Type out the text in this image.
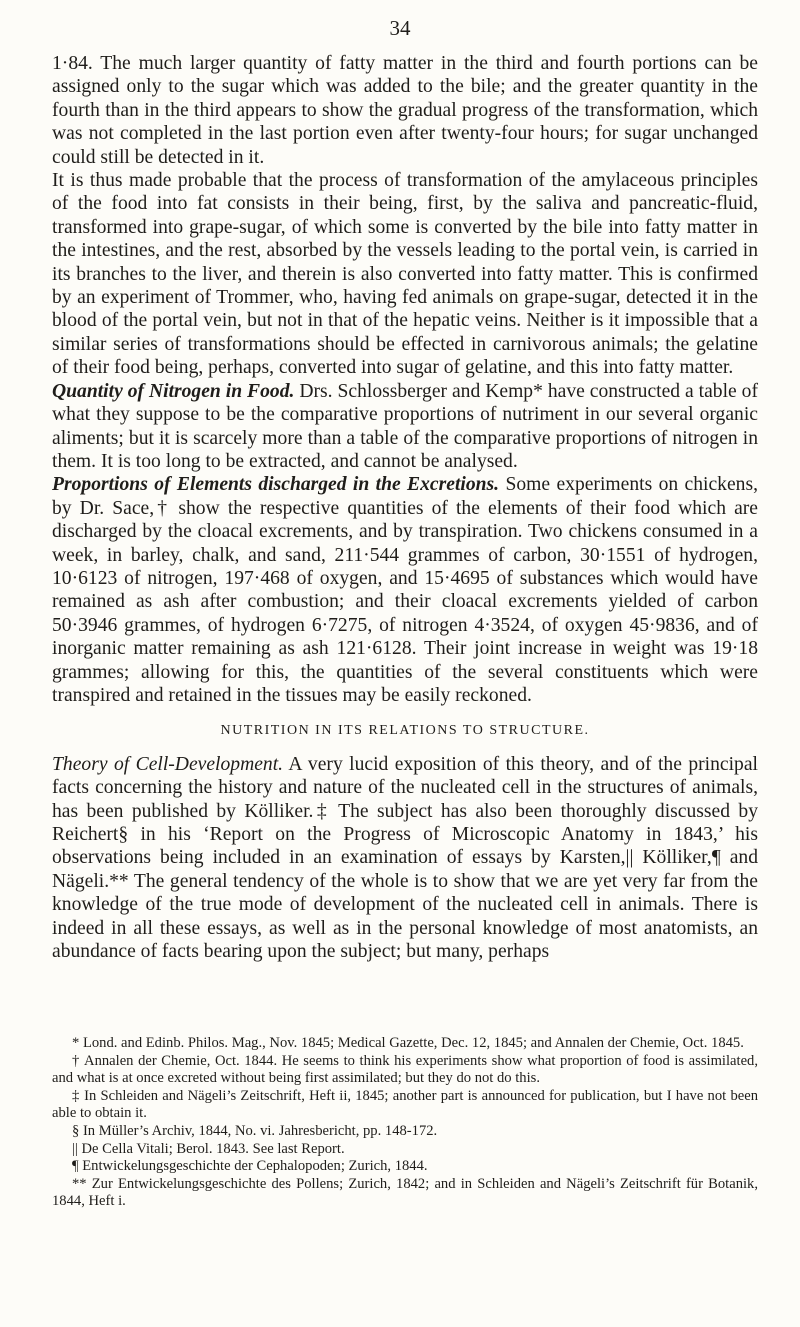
34

1·84. The much larger quantity of fatty matter in the third and fourth portions can be assigned only to the sugar which was added to the bile; and the greater quantity in the fourth than in the third appears to show the gradual progress of the transformation, which was not completed in the last portion even after twenty-four hours; for sugar unchanged could still be detected in it.

It is thus made probable that the process of transformation of the amylaceous principles of the food into fat consists in their being, first, by the saliva and pancreatic-fluid, transformed into grape-sugar, of which some is converted by the bile into fatty matter in the intestines, and the rest, absorbed by the vessels leading to the portal vein, is carried in its branches to the liver, and therein is also converted into fatty matter. This is confirmed by an experiment of Trommer, who, having fed animals on grape-sugar, detected it in the blood of the portal vein, but not in that of the hepatic veins. Neither is it impossible that a similar series of transformations should be effected in carnivorous animals; the gelatine of their food being, perhaps, converted into sugar of gelatine, and this into fatty matter.

Quantity of Nitrogen in Food. Drs. Schlossberger and Kemp* have constructed a table of what they suppose to be the comparative proportions of nutriment in our several organic aliments; but it is scarcely more than a table of the comparative proportions of nitrogen in them. It is too long to be extracted, and cannot be analysed.

Proportions of Elements discharged in the Excretions. Some experiments on chickens, by Dr. Sace,† show the respective quantities of the elements of their food which are discharged by the cloacal excrements, and by transpiration. Two chickens consumed in a week, in barley, chalk, and sand, 211·544 grammes of carbon, 30·1551 of hydrogen, 10·6123 of nitrogen, 197·468 of oxygen, and 15·4695 of substances which would have remained as ash after combustion; and their cloacal excrements yielded of carbon 50·3946 grammes, of hydrogen 6·7275, of nitrogen 4·3524, of oxygen 45·9836, and of inorganic matter remaining as ash 121·6128. Their joint increase in weight was 19·18 grammes; allowing for this, the quantities of the several constituents which were transpired and retained in the tissues may be easily reckoned.

NUTRITION IN ITS RELATIONS TO STRUCTURE.

Theory of Cell-Development. A very lucid exposition of this theory, and of the principal facts concerning the history and nature of the nucleated cell in the structures of animals, has been published by Kölliker.‡ The subject has also been thoroughly discussed by Reichert§ in his ‘Report on the Progress of Microscopic Anatomy in 1843,’ his observations being included in an examination of essays by Karsten,|| Kölliker,¶ and Nägeli.** The general tendency of the whole is to show that we are yet very far from the knowledge of the true mode of development of the nucleated cell in animals. There is indeed in all these essays, as well as in the personal knowledge of most anatomists, an abundance of facts bearing upon the subject; but many, perhaps

* Lond. and Edinb. Philos. Mag., Nov. 1845; Medical Gazette, Dec. 12, 1845; and Annalen der Chemie, Oct. 1845.

† Annalen der Chemie, Oct. 1844. He seems to think his experiments show what proportion of food is assimilated, and what is at once excreted without being first assimilated; but they do not do this.

‡ In Schleiden and Nägeli’s Zeitschrift, Heft ii, 1845; another part is announced for publication, but I have not been able to obtain it.

§ In Müller’s Archiv, 1844, No. vi. Jahresbericht, pp. 148-172.

|| De Cella Vitali; Berol. 1843. See last Report.

¶ Entwickelungsgeschichte der Cephalopoden; Zurich, 1844.

** Zur Entwickelungsgeschichte des Pollens; Zurich, 1842; and in Schleiden and Nägeli’s Zeitschrift für Botanik, 1844, Heft i.
